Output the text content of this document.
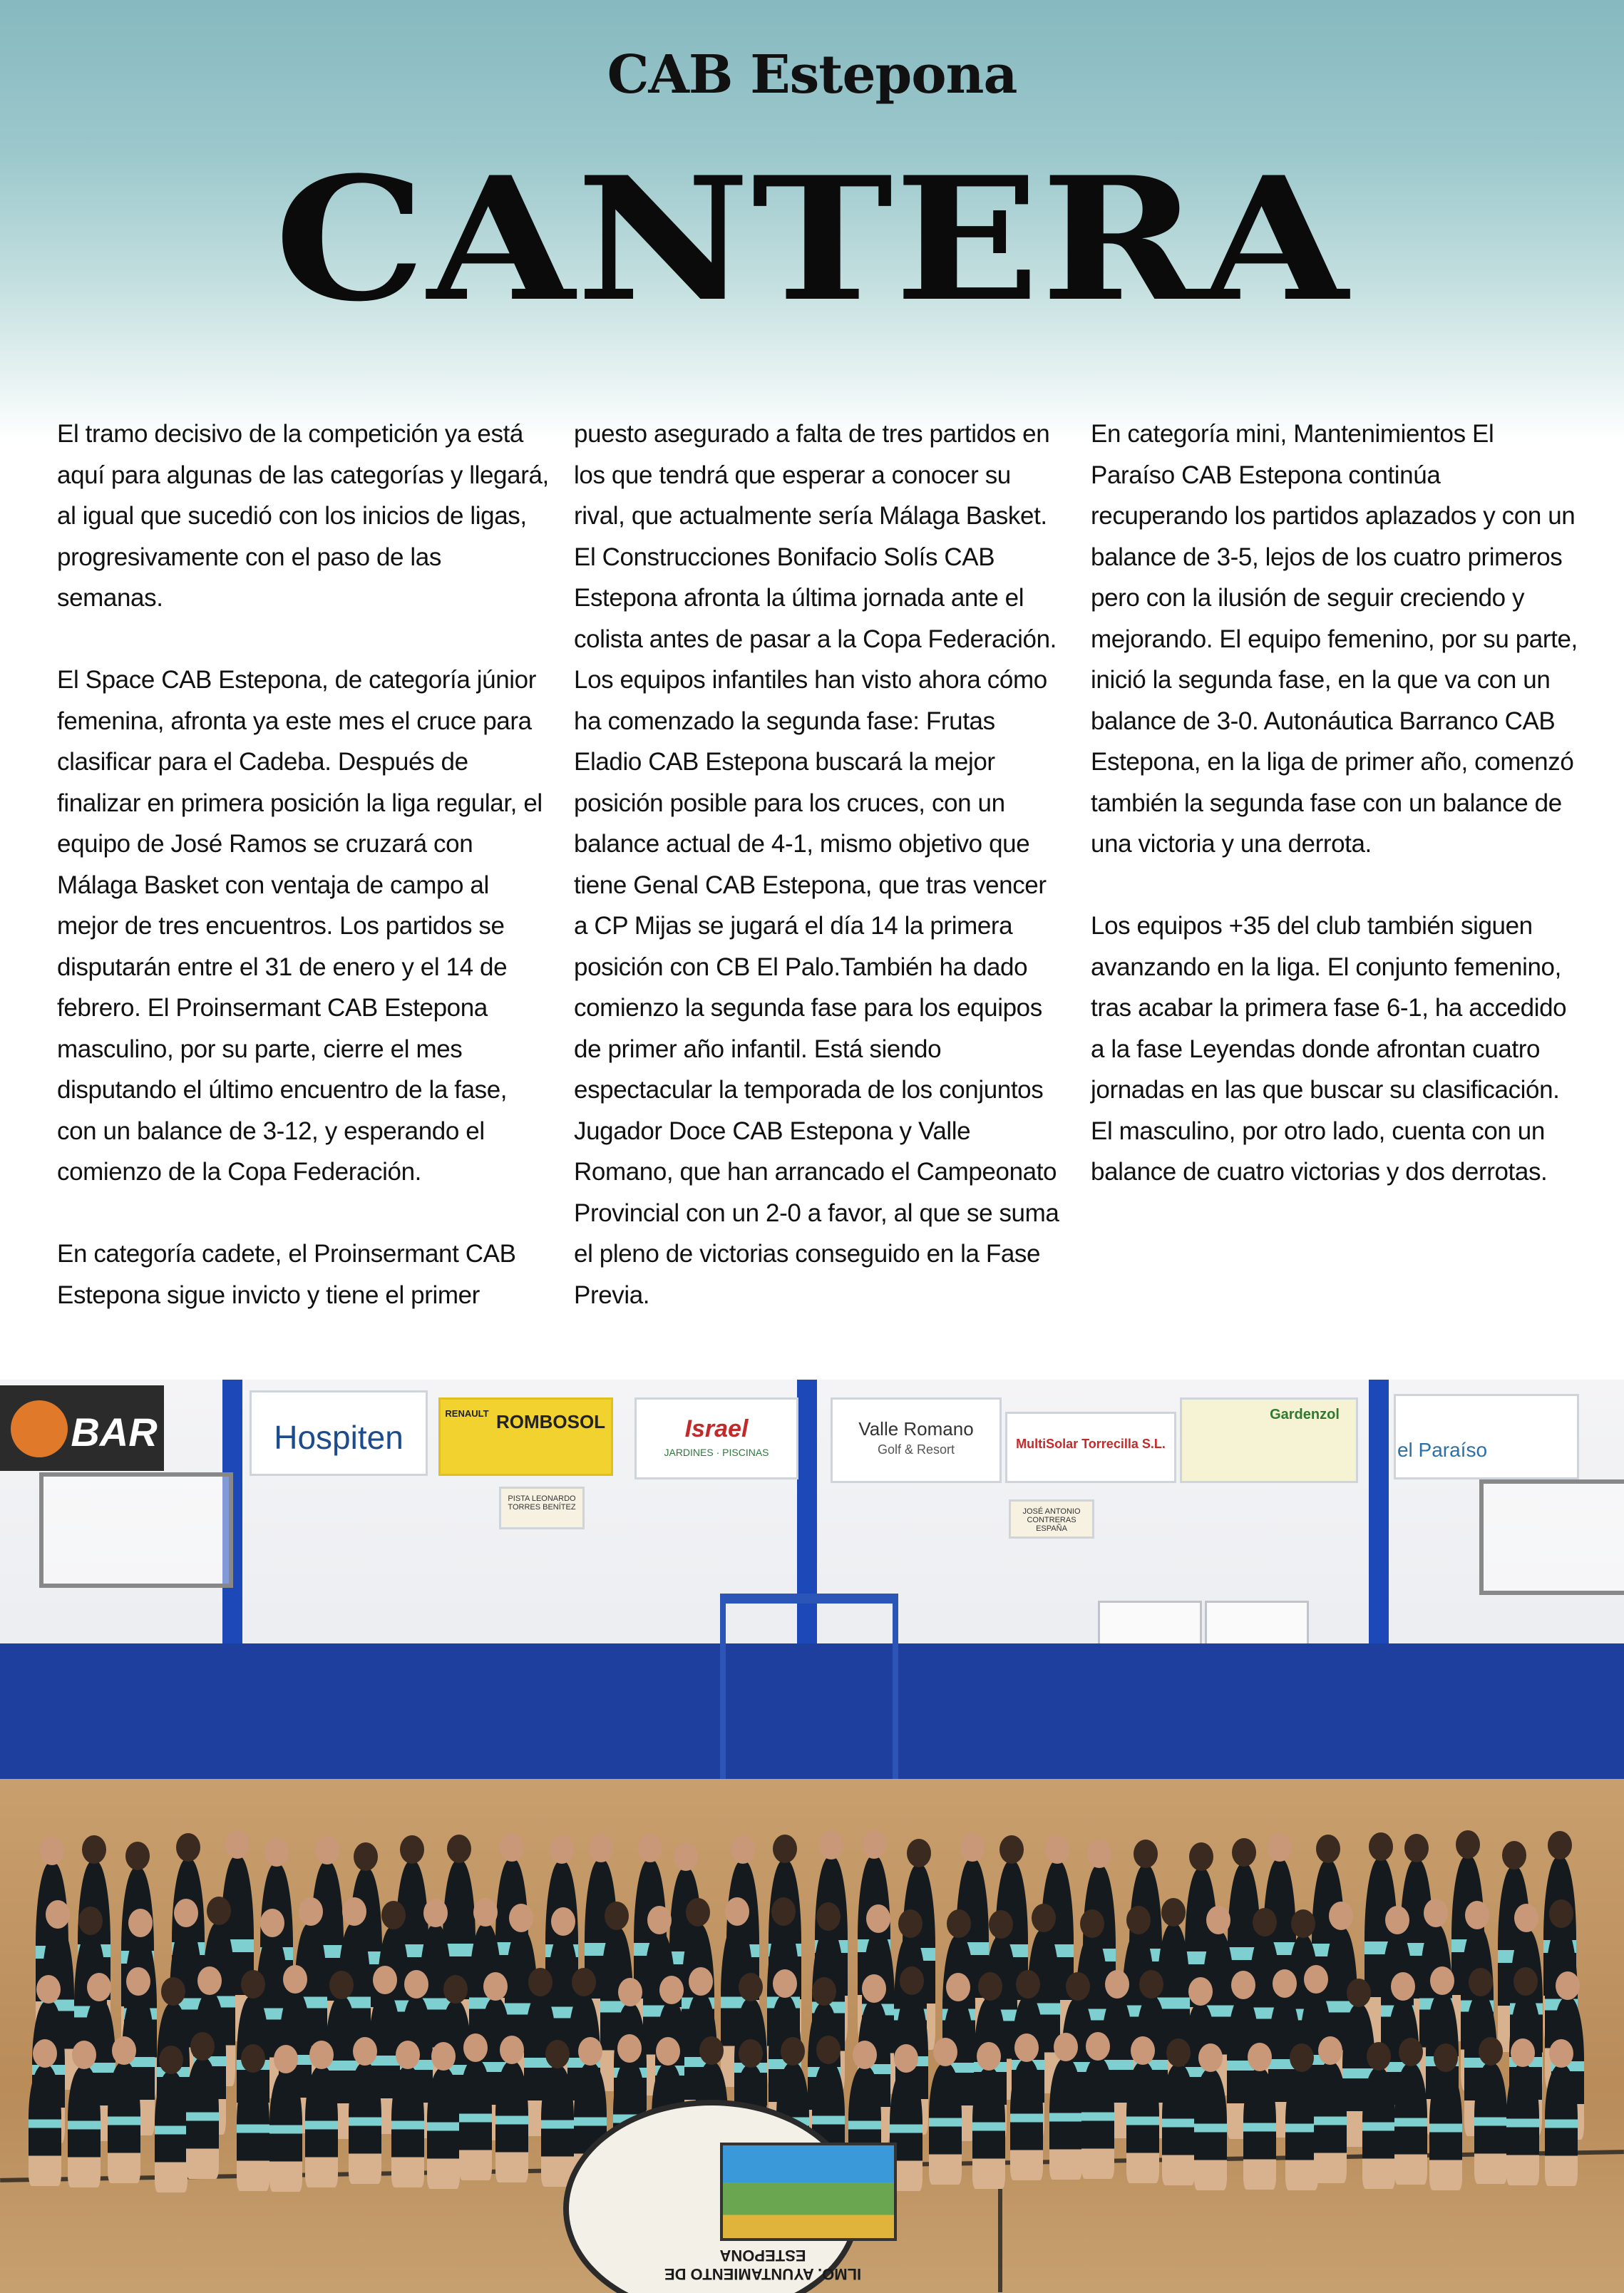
CAB Estepona
CANTERA

El tramo decisivo de la competición ya está aquí para algunas de las categorías y llegará, al igual que sucedió con los inicios de ligas, progresivamente con el paso de las semanas.

El Space CAB Estepona, de categoría júnior femenina, afronta ya este mes el cruce para clasificar para el Cadeba. Después de finalizar en primera posición la liga regular, el equipo de José Ramos se cruzará con Málaga Basket con ventaja de campo al mejor de tres encuentros. Los partidos se disputarán entre el 31 de enero y el 14 de febrero. El Proinsermant CAB Estepona masculino, por su parte, cierre el mes disputando el último encuentro de la fase, con un balance de 3-12, y esperando el comienzo de la Copa Federación.

En categoría cadete, el Proinsermant CAB Estepona sigue invicto y tiene el primer

puesto asegurado a falta de tres partidos en los que tendrá que esperar a conocer su rival, que actualmente sería Málaga Basket. El Construcciones Bonifacio Solís CAB Estepona afronta la última jornada ante el colista antes de pasar a la Copa Federación. Los equipos infantiles han visto ahora cómo ha comenzado la segunda fase: Frutas Eladio CAB Estepona buscará la mejor posición posible para los cruces, con un balance actual de 4-1, mismo objetivo que tiene Genal CAB Estepona, que tras vencer a CP Mijas se jugará el día 14 la primera posición con CB El Palo.También ha dado comienzo la segunda fase para los equipos de primer año infantil. Está siendo espectacular la temporada de los conjuntos Jugador Doce CAB Estepona y Valle Romano, que han arrancado el Campeonato Provincial con un 2-0 a favor, al que se suma el pleno de victorias conseguido en la Fase Previa.

En categoría mini, Mantenimientos El Paraíso CAB Estepona continúa recuperando los partidos aplazados y con un balance de 3-5, lejos de los cuatro primeros pero con la ilusión de seguir creciendo y mejorando. El equipo femenino, por su parte, inició la segunda fase, en la que va con un balance de 3-0. Autonáutica Barranco CAB Estepona, en la liga de primer año, comenzó también la segunda fase con un balance de una victoria y una derrota.

Los equipos +35 del club también siguen avanzando en la liga. El conjunto femenino, tras acabar la primera fase 6-1, ha accedido a la fase Leyendas donde afrontan cuatro jornadas en las que buscar su clasificación. El masculino, por otro lado, cuenta con un balance de cuatro victorias y dos derrotas.

BAR	Hospiten
RENAULT ROMBOSOL	Israel
JARDINES · PISCINAS
Valle Romano
Golf & Resort	MultiSolar Torrecilla S.L.
Gardenzol
el Paraíso
PISTA LEONARDO TORRES BENÍTEZ	JOSÉ ANTONIO CONTRERAS ESPAÑA
ILMO. AYUNTAMIENTO DE ESTEPONA
